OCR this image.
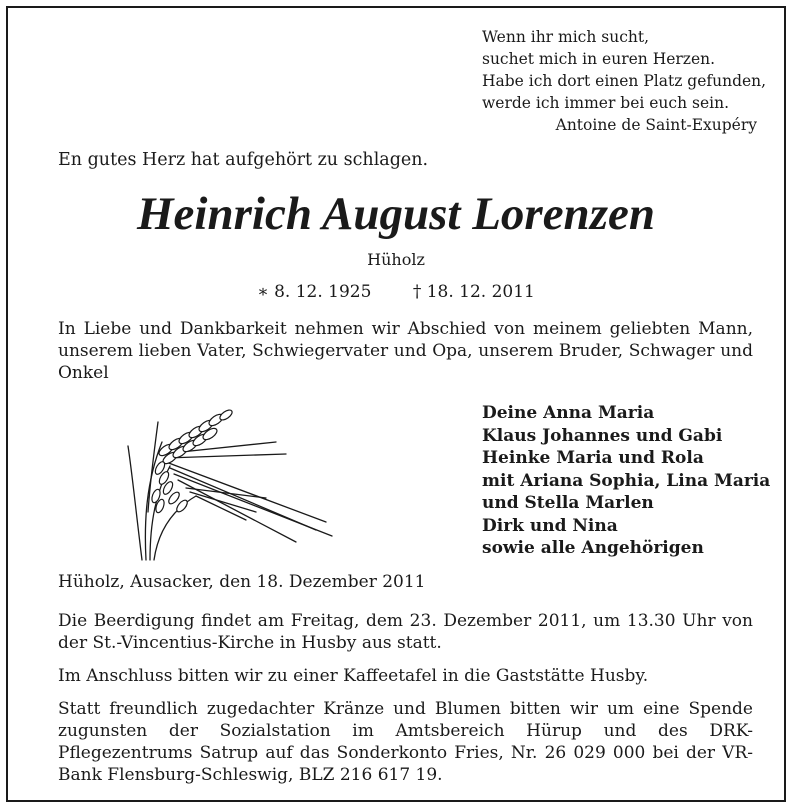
Wenn ihr mich sucht,
suchet mich in euren Herzen.
Habe ich dort einen Platz gefunden,
werde ich immer bei euch sein.
Antoine de Saint-Exupéry
En gutes Herz hat aufgehört zu schlagen.
Heinrich August Lorenzen
Hüholz
∗ 8. 12. 1925 † 18. 12. 2011
In Liebe und Dankbarkeit nehmen wir Abschied von meinem geliebten Mann, unserem lieben Vater, Schwiegervater und Opa, unserem Bruder, Schwager und Onkel
Deine Anna Maria
Klaus Johannes und Gabi
Heinke Maria und Rola
mit Ariana Sophia, Lina Maria
und Stella Marlen
Dirk und Nina
sowie alle Angehörigen
Hüholz, Ausacker, den 18. Dezember 2011
Die Beerdigung findet am Freitag, dem 23. Dezember 2011, um 13.30 Uhr von der St.-Vincentius-Kirche in Husby aus statt.
Im Anschluss bitten wir zu einer Kaffeetafel in die Gaststätte Husby.
Statt freundlich zugedachter Kränze und Blumen bitten wir um eine Spende zugunsten der Sozialstation im Amtsbereich Hürup und des DRK-Pflegezentrums Satrup auf das Sonderkonto Fries, Nr. 26 029 000 bei der VR-Bank Flensburg-Schleswig, BLZ 216 617 19.
